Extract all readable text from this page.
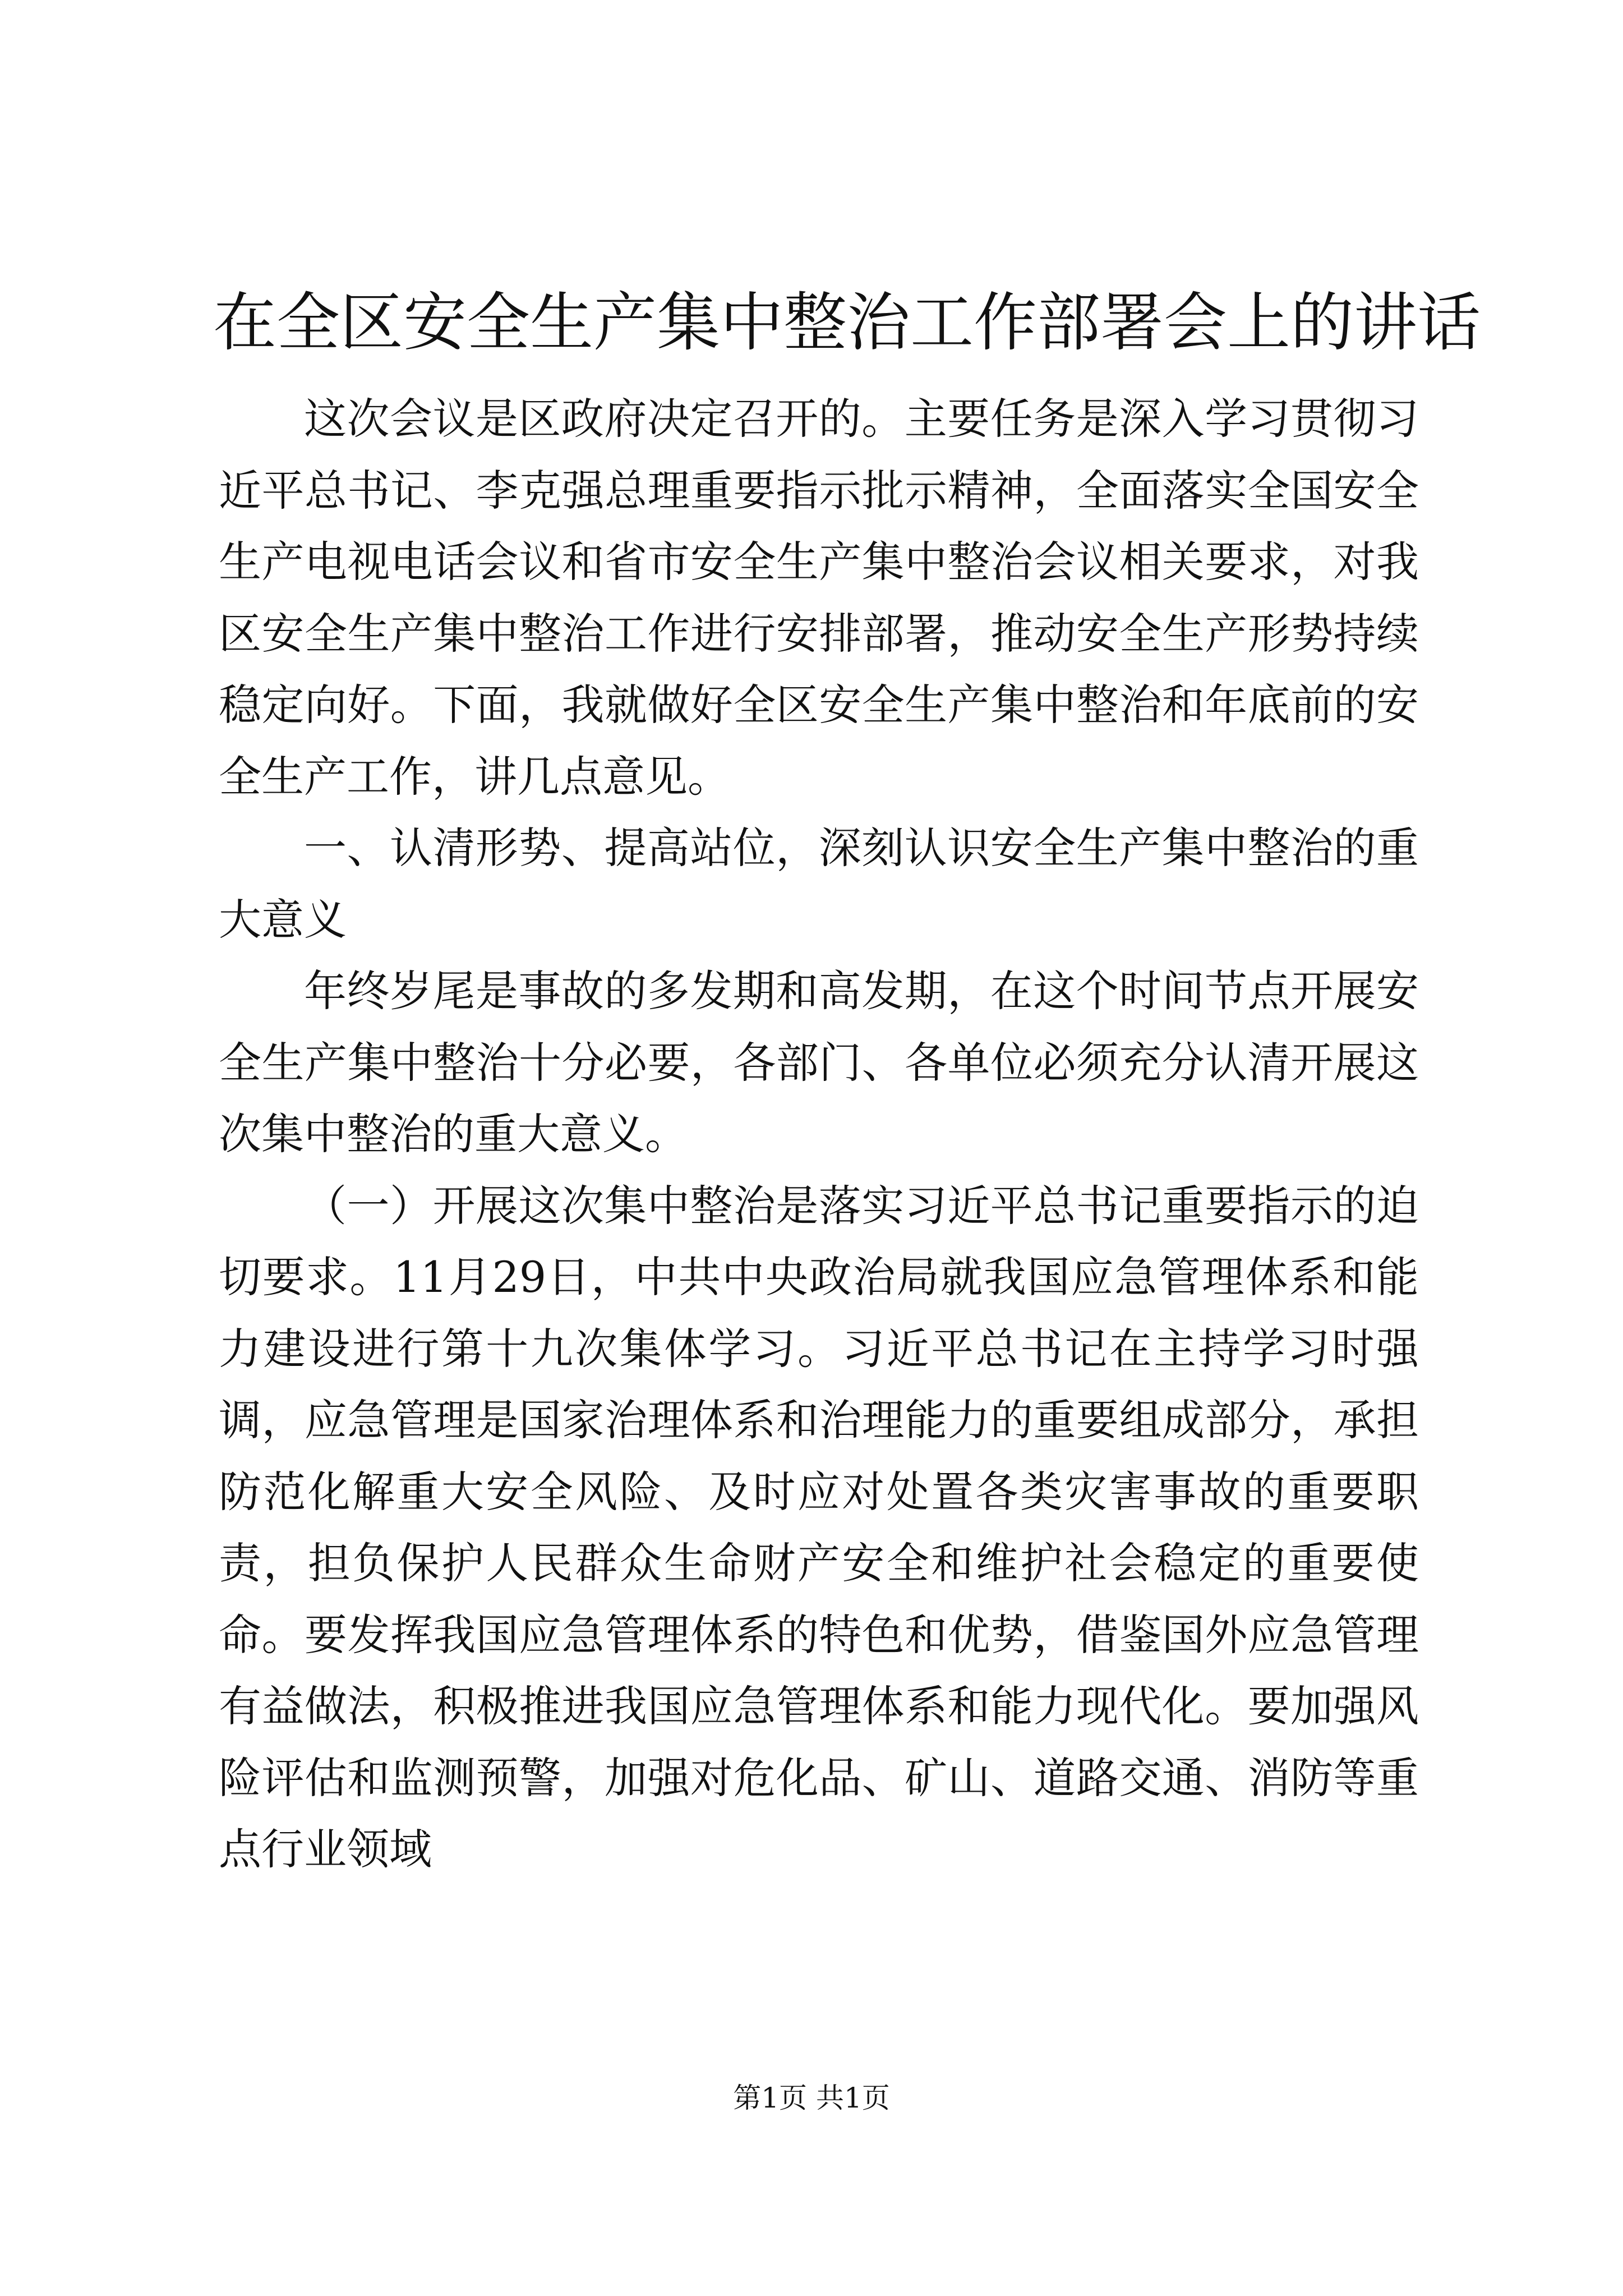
在全区安全生产集中整治工作部署会上的讲话

这次会议是区政府决定召开的。主要任务是深入学习贯彻习近平总书记、李克强总理重要指示批示精神，全面落实全国安全生产电视电话会议和省市安全生产集中整治会议相关要求，对我区安全生产集中整治工作进行安排部署，推动安全生产形势持续稳定向好。下面，我就做好全区安全生产集中整治和年底前的安全生产工作，讲几点意见。

一、认清形势、提高站位，深刻认识安全生产集中整治的重大意义

年终岁尾是事故的多发期和高发期，在这个时间节点开展安全生产集中整治十分必要，各部门、各单位必须充分认清开展这次集中整治的重大意义。

（一）开展这次集中整治是落实习近平总书记重要指示的迫切要求。11月29日，中共中央政治局就我国应急管理体系和能力建设进行第十九次集体学习。习近平总书记在主持学习时强调，应急管理是国家治理体系和治理能力的重要组成部分，承担防范化解重大安全风险、及时应对处置各类灾害事故的重要职责，担负保护人民群众生命财产安全和维护社会稳定的重要使命。要发挥我国应急管理体系的特色和优势，借鉴国外应急管理有益做法，积极推进我国应急管理体系和能力现代化。要加强风险评估和监测预警，加强对危化品、矿山、道路交通、消防等重点行业领域

第1页 共1页
